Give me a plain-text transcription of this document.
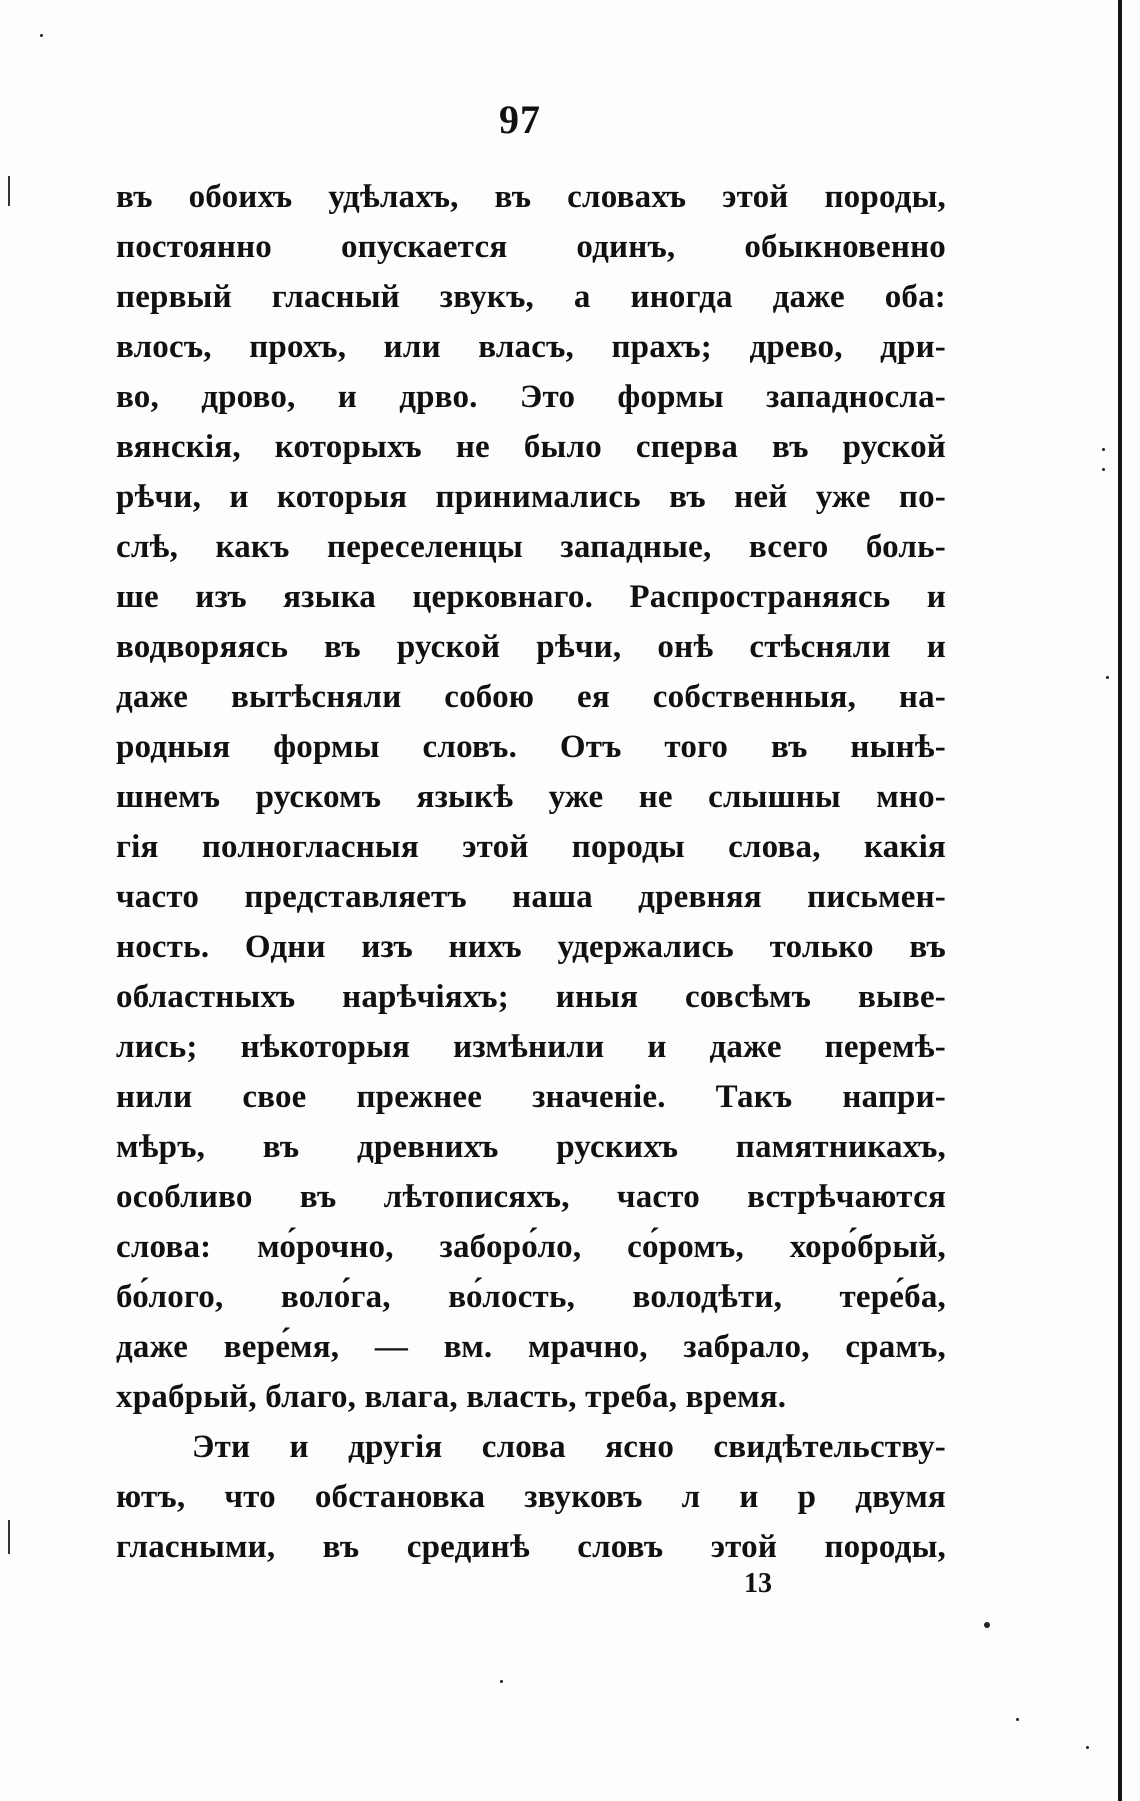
97
въ обоихъ удѣлахъ, въ словахъ этой породы,
постоянно опускается одинъ, обыкновенно
первый гласный звукъ, а иногда даже оба:
влосъ, прохъ, или власъ, прахъ; древо, дри-
во, дрово, и дрво. Это формы западносла-
вянскія, которыхъ не было сперва въ руской
рѣчи, и которыя принимались въ ней уже по-
слѣ, какъ переселенцы западные, всего боль-
ше изъ языка церковнаго. Распространяясь и
водворяясь въ руской рѣчи, онѣ стѣсняли и
даже вытѣсняли собою ея собственныя, на-
родныя формы словъ. Отъ того въ нынѣ-
шнемъ рускомъ языкѣ уже не слышны мно-
гія полногласныя этой породы слова, какія
часто представляетъ наша древняя письмен-
ность. Одни изъ нихъ удержались только въ
областныхъ нарѣчіяхъ; иныя совсѣмъ выве-
лись; нѣкоторыя измѣнили и даже перемѣ-
нили свое прежнее значеніе. Такъ напри-
мѣръ, въ древнихъ рускихъ памятникахъ,
особливо въ лѣтописяхъ, часто встрѣчаются
слова: мо́рочно, заборо́ло, со́ромъ, хоро́брый,
бо́лого, воло́га, во́лость, володѣти, тере́ба,
даже вере́мя, — вм. мрачно, забрало, срамъ,
храбрый, благо, влага, власть, треба, время.
Эти и другія слова ясно свидѣтельству-
ютъ, что обстановка звуковъ л и р двумя
гласными, въ срединѣ словъ этой породы,
13
